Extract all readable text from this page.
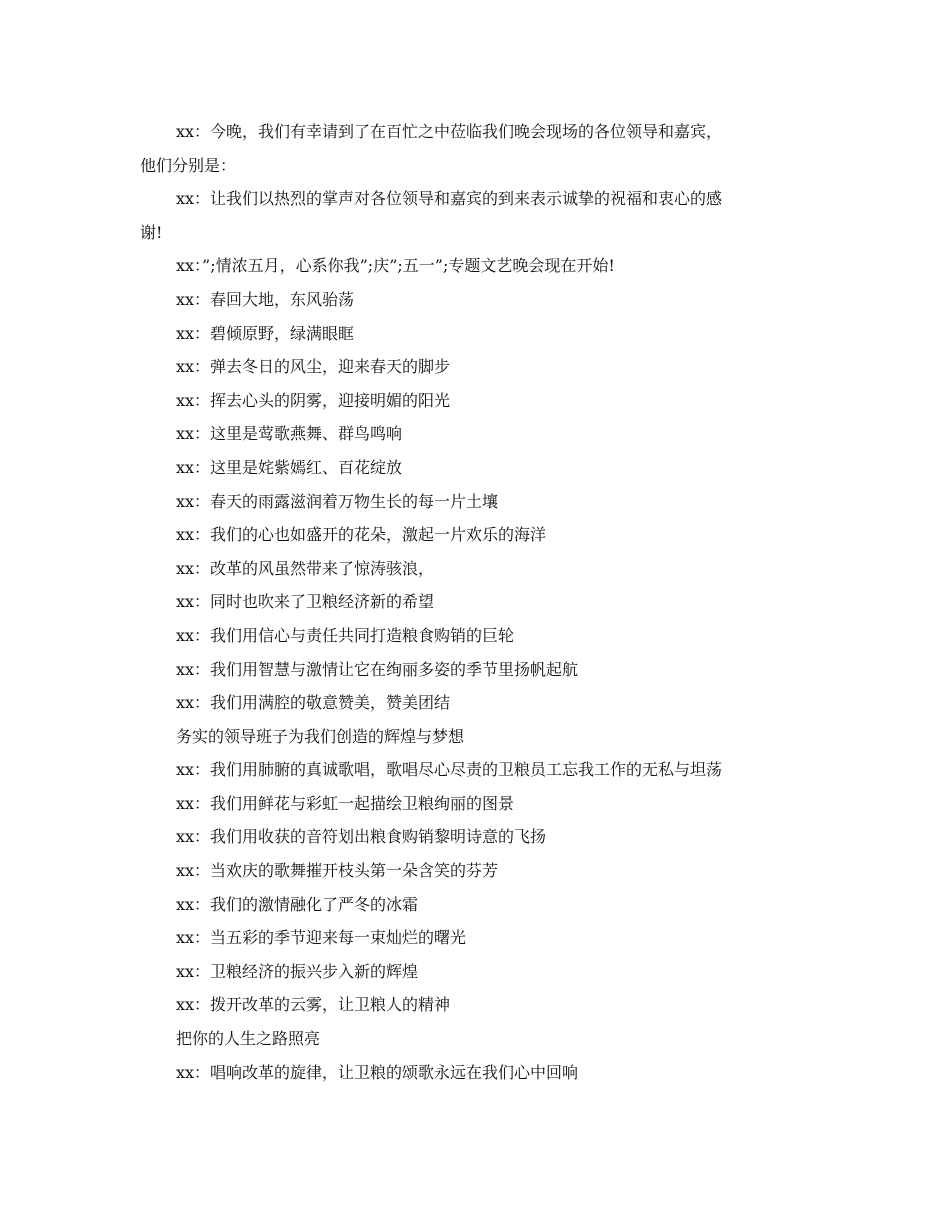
xx：今晚，我们有幸请到了在百忙之中莅临我们晚会现场的各位领导和嘉宾，
他们分别是：
xx：让我们以热烈的掌声对各位领导和嘉宾的到来表示诚挚的祝福和衷心的感
谢!
xx：”;情浓五月，心系你我”;庆”;五一”;专题文艺晚会现在开始!
xx：春回大地，东风骀荡
xx：碧倾原野，绿满眼眶
xx：弹去冬日的风尘，迎来春天的脚步
xx：挥去心头的阴雾，迎接明媚的阳光
xx：这里是莺歌燕舞、群鸟鸣响
xx：这里是姹紫嫣红、百花绽放
xx：春天的雨露滋润着万物生长的每一片土壤
xx：我们的心也如盛开的花朵，激起一片欢乐的海洋
xx：改革的风虽然带来了惊涛骇浪，
xx：同时也吹来了卫粮经济新的希望
xx：我们用信心与责任共同打造粮食购销的巨轮
xx：我们用智慧与激情让它在绚丽多姿的季节里扬帆起航
xx：我们用满腔的敬意赞美，赞美团结
务实的领导班子为我们创造的辉煌与梦想
xx：我们用肺腑的真诚歌唱，歌唱尽心尽责的卫粮员工忘我工作的无私与坦荡
xx：我们用鲜花与彩虹一起描绘卫粮绚丽的图景
xx：我们用收获的音符划出粮食购销黎明诗意的飞扬
xx：当欢庆的歌舞摧开枝头第一朵含笑的芬芳
xx：我们的激情融化了严冬的冰霜
xx：当五彩的季节迎来每一束灿烂的曙光
xx：卫粮经济的振兴步入新的辉煌
xx：拨开改革的云雾，让卫粮人的精神
把你的人生之路照亮
xx：唱响改革的旋律，让卫粮的颂歌永远在我们心中回响
